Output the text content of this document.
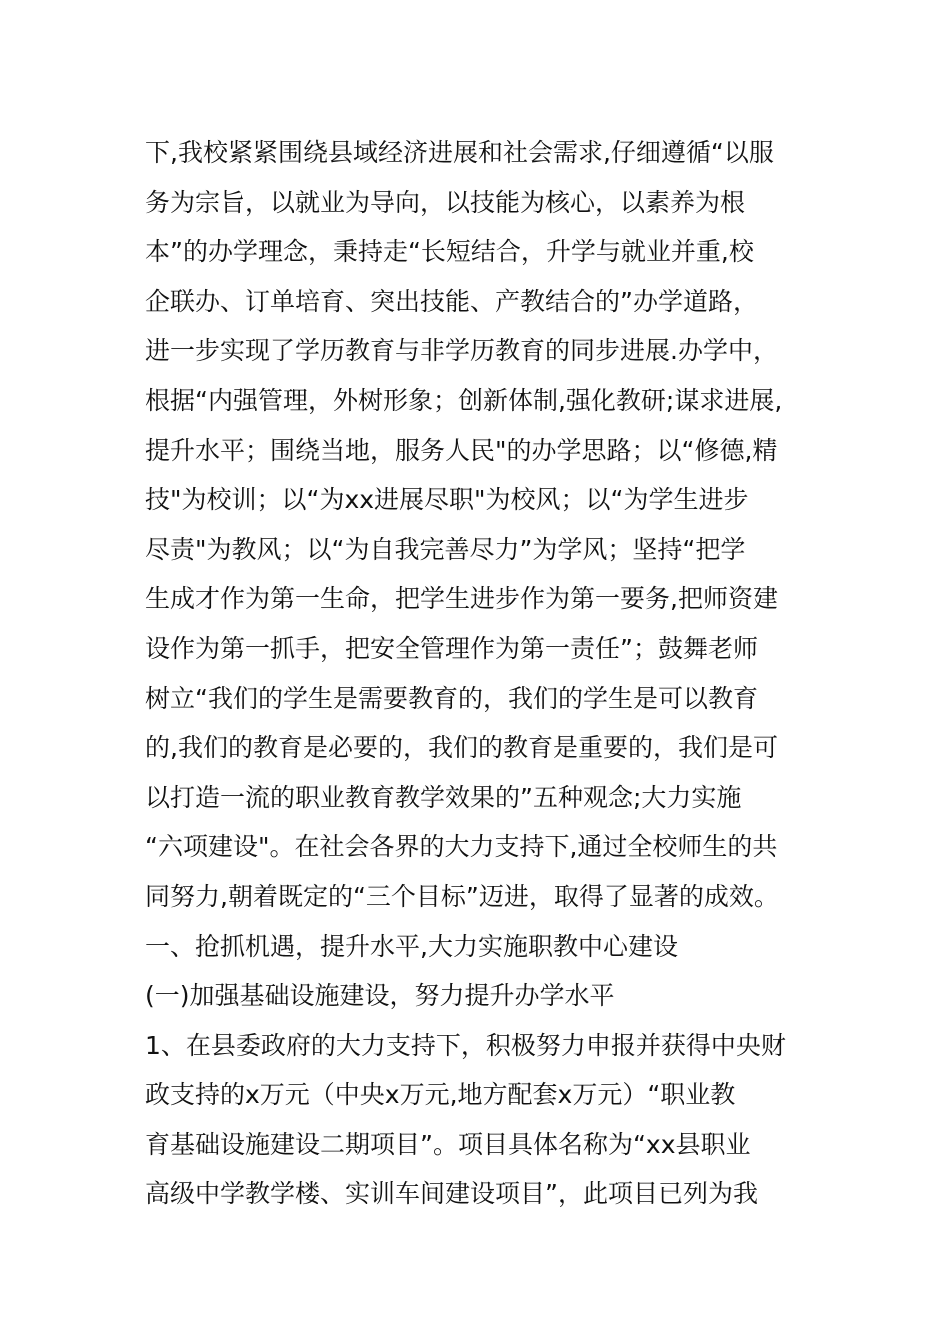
下,我校紧紧围绕县域经济进展和社会需求,仔细遵循“以服
务为宗旨，以就业为导向，以技能为核心，以素养为根
本”的办学理念，秉持走“长短结合，升学与就业并重,校
企联办、订单培育、突出技能、产教结合的”办学道路，
进一步实现了学历教育与非学历教育的同步进展.办学中，
根据“内强管理，外树形象；创新体制,强化教研;谋求进展,
提升水平；围绕当地，服务人民"的办学思路；以“修德,精
技"为校训；以“为xx进展尽职"为校风；以“为学生进步
尽责"为教风；以“为自我完善尽力”为学风；坚持“把学
生成才作为第一生命，把学生进步作为第一要务,把师资建
设作为第一抓手，把安全管理作为第一责任”；鼓舞老师
树立“我们的学生是需要教育的，我们的学生是可以教育
的,我们的教育是必要的，我们的教育是重要的，我们是可
以打造一流的职业教育教学效果的”五种观念;大力实施
“六项建设"。在社会各界的大力支持下,通过全校师生的共
同努力,朝着既定的“三个目标”迈进，取得了显著的成效。
一、抢抓机遇，提升水平,大力实施职教中心建设
(一)加强基础设施建设，努力提升办学水平
1、在县委政府的大力支持下，积极努力申报并获得中央财
政支持的x万元（中央x万元,地方配套x万元）“职业教
育基础设施建设二期项目”。项目具体名称为“xx县职业
高级中学教学楼、实训车间建设项目”，此项目已列为我
